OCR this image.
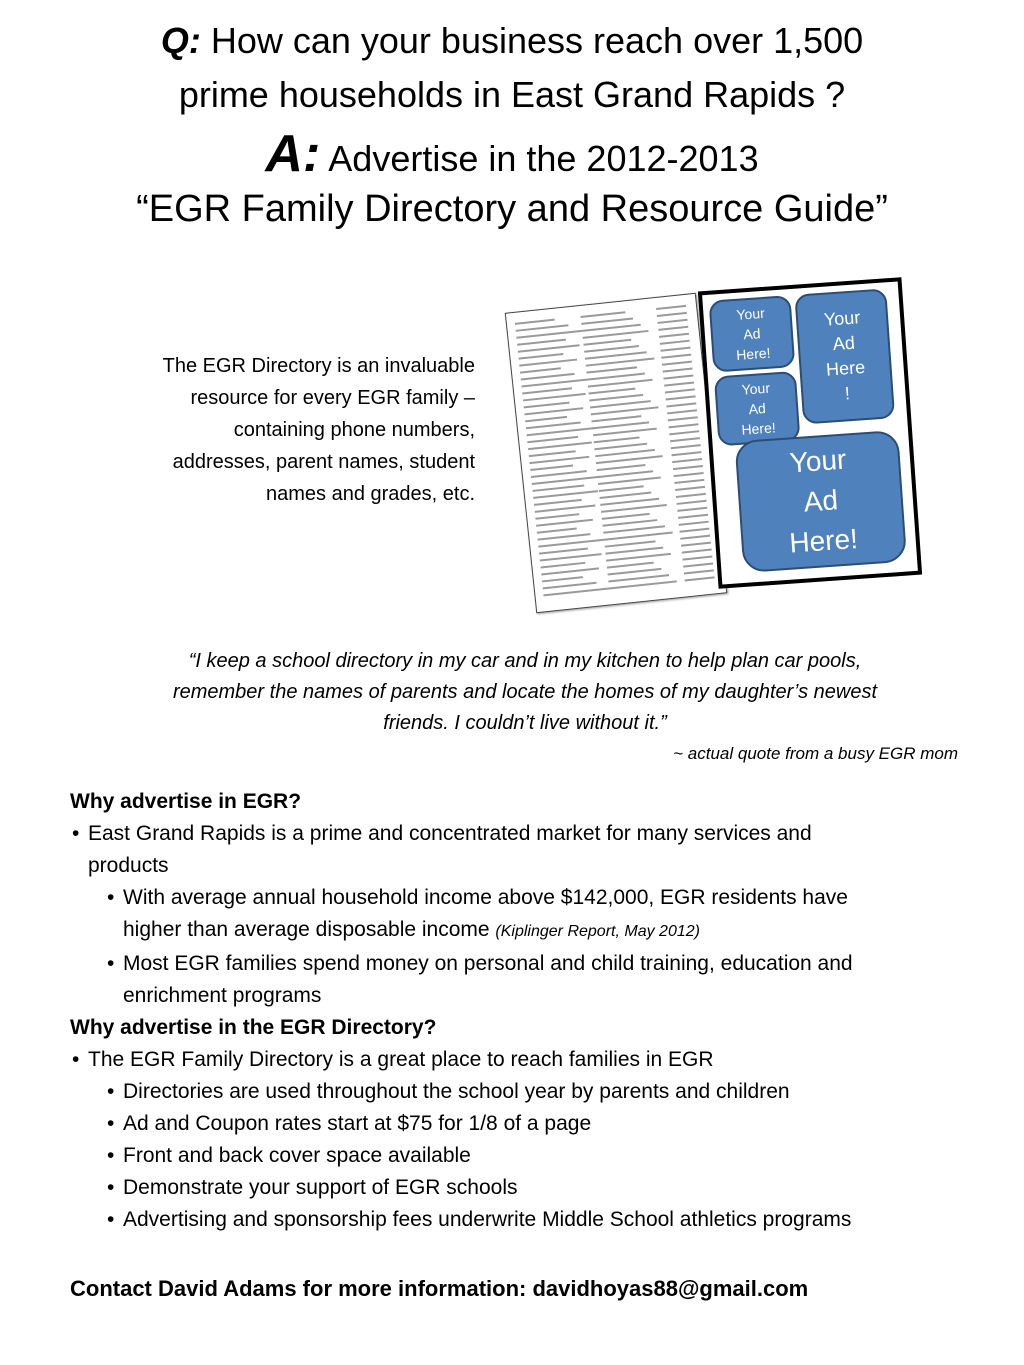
Q: How can your business reach over 1,500
prime households in East Grand Rapids ?
A: Advertise in the 2012-2013
“EGR Family Directory and Resource Guide”
The EGR Directory is an invaluable
resource for every EGR family –
containing phone numbers,
addresses, parent names, student
names and grades, etc.
Your
Ad
Here!
Your
Ad
Here!
Your
Ad
Here
!
Your
Ad
Here!
“I keep a school directory in my car and in my kitchen to help plan car pools,
remember the names of parents and locate the homes of my daughter’s newest
friends. I couldn’t live without it.”
~ actual quote from a busy EGR mom
Why advertise in EGR?
• East Grand Rapids is a prime and concentrated market for many services and
products
• With average annual household income above $142,000, EGR residents have
higher than average disposable income (Kiplinger Report, May 2012)
• Most EGR families spend money on personal and child training, education and
enrichment programs
Why advertise in the EGR Directory?
• The EGR Family Directory is a great place to reach families in EGR
• Directories are used throughout the school year by parents and children
• Ad and Coupon rates start at $75 for 1/8 of a page
• Front and back cover space available
• Demonstrate your support of EGR schools
• Advertising and sponsorship fees underwrite Middle School athletics programs
Contact David Adams for more information: davidhoyas88@gmail.com
